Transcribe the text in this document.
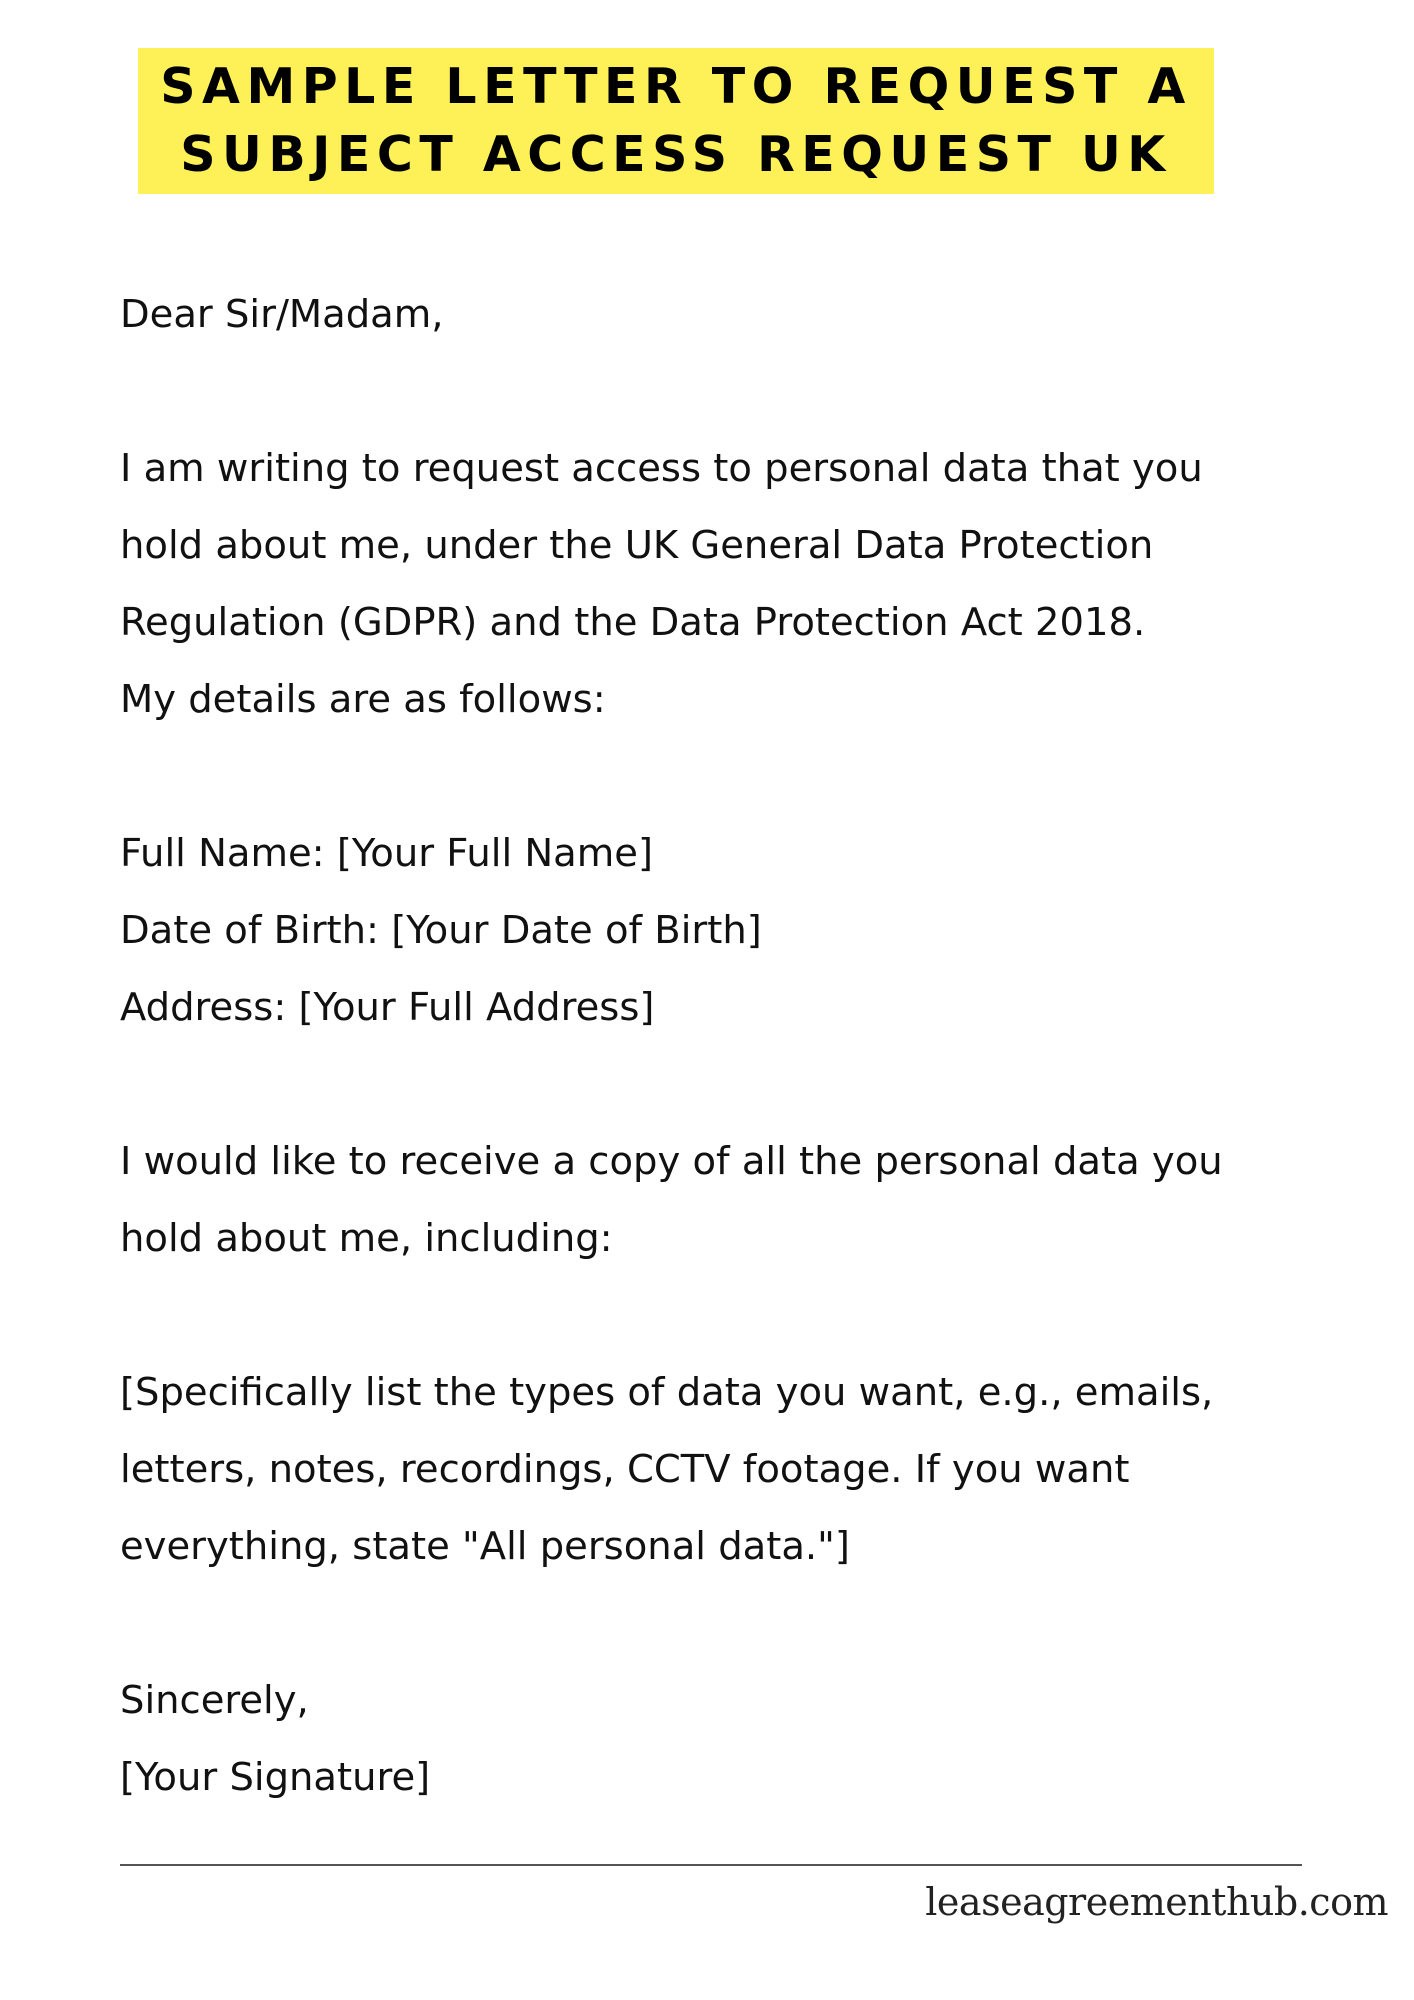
SAMPLE LETTER TO REQUEST A
SUBJECT ACCESS REQUEST UK
Dear Sir/Madam,
I am writing to request access to personal data that you
hold about me, under the UK General Data Protection
Regulation (GDPR) and the Data Protection Act 2018.
My details are as follows:
Full Name: [Your Full Name]
Date of Birth: [Your Date of Birth]
Address: [Your Full Address]
I would like to receive a copy of all the personal data you
hold about me, including:
[Specifically list the types of data you want, e.g., emails,
letters, notes, recordings, CCTV footage. If you want
everything, state "All personal data."]
Sincerely,
[Your Signature]
leaseagreementhub.com
